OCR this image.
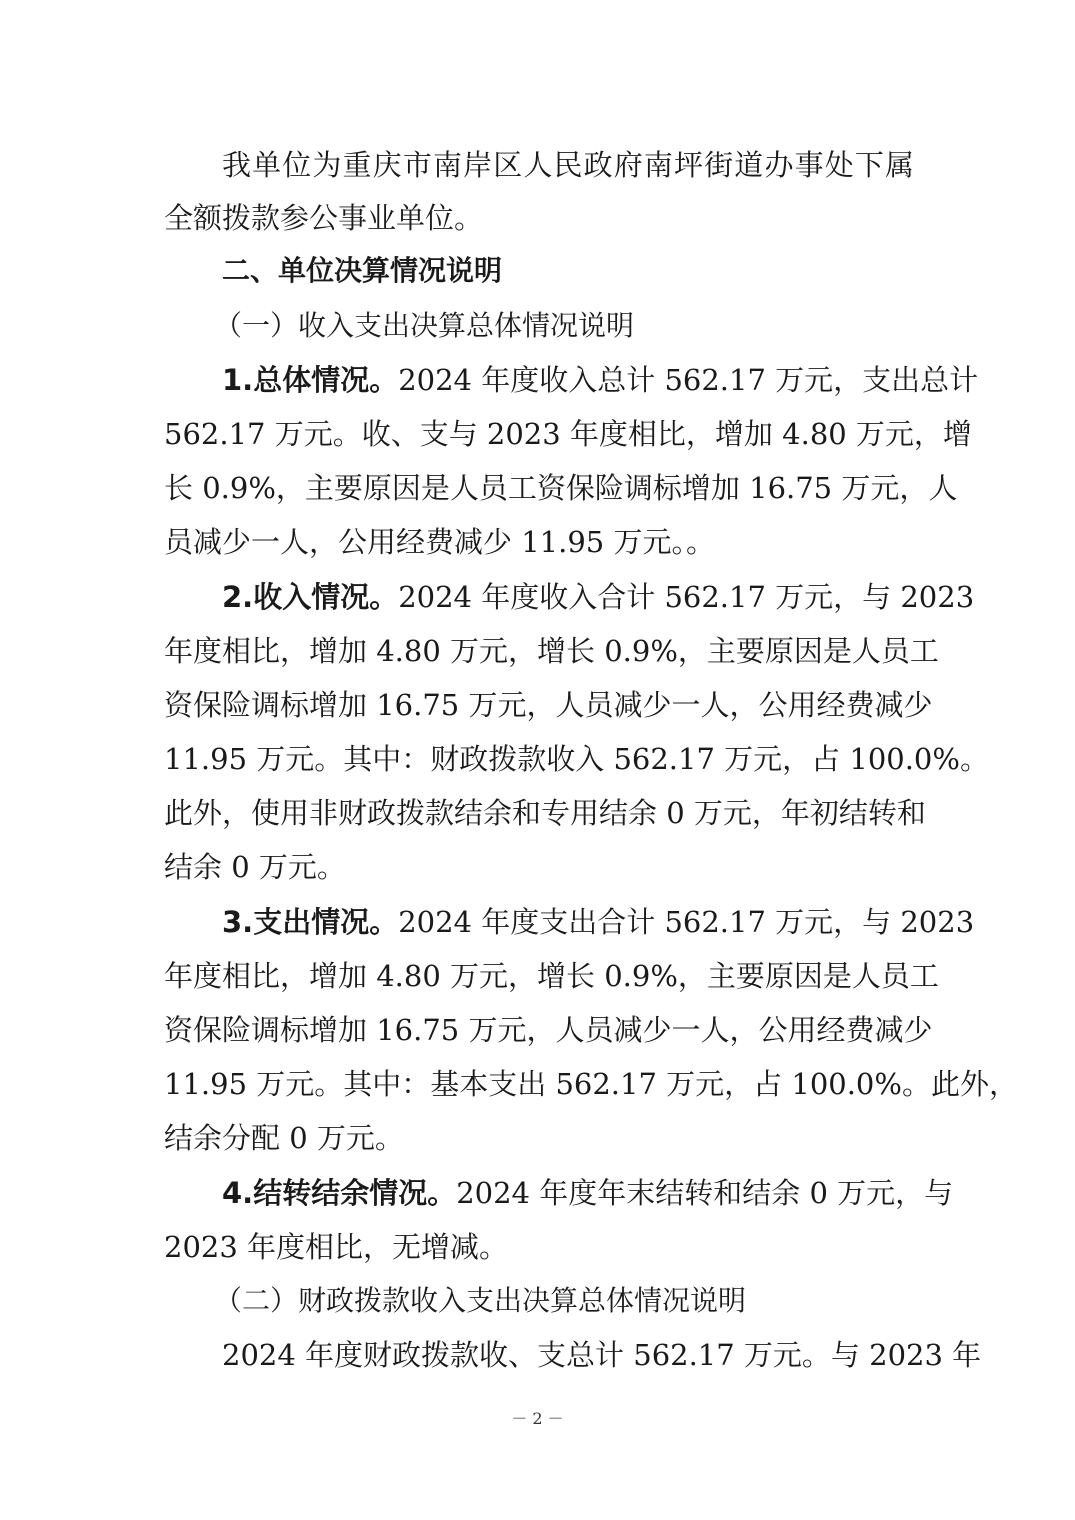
我单位为重庆市南岸区人民政府南坪街道办事处下属
全额拨款参公事业单位。
二、单位决算情况说明
（一）收入支出决算总体情况说明
1.总体情况。2024 年度收入总计 562.17 万元，支出总计
562.17 万元。收、支与 2023 年度相比，增加 4.80 万元，增
长 0.9%，主要原因是人员工资保险调标增加 16.75 万元，人
员减少一人，公用经费减少 11.95 万元。。
2.收入情况。2024 年度收入合计 562.17 万元，与 2023
年度相比，增加 4.80 万元，增长 0.9%，主要原因是人员工
资保险调标增加 16.75 万元，人员减少一人，公用经费减少
11.95 万元。其中：财政拨款收入 562.17 万元，占 100.0%。
此外，使用非财政拨款结余和专用结余 0 万元，年初结转和
结余 0 万元。
3.支出情况。2024 年度支出合计 562.17 万元，与 2023
年度相比，增加 4.80 万元，增长 0.9%，主要原因是人员工
资保险调标增加 16.75 万元，人员减少一人，公用经费减少
11.95 万元。其中：基本支出 562.17 万元，占 100.0%。此外，
结余分配 0 万元。
4.结转结余情况。2024 年度年末结转和结余 0 万元，与
2023 年度相比，无增减。
（二）财政拨款收入支出决算总体情况说明
2024 年度财政拨款收、支总计 562.17 万元。与 2023 年
－ 2 －
